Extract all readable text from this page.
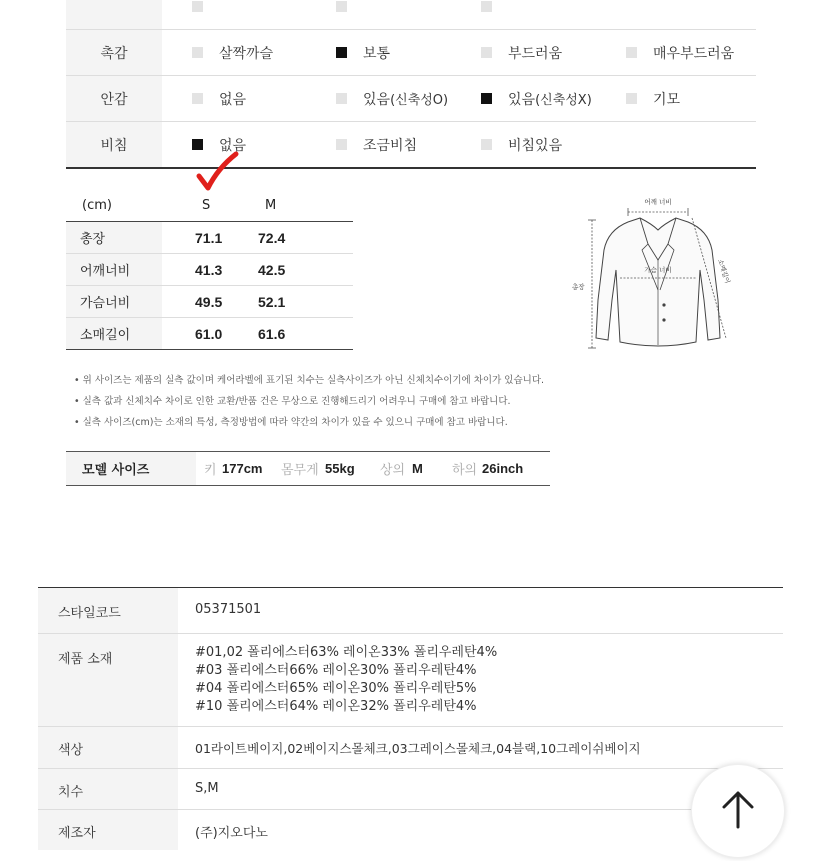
촉감	살짝까슬	보통	부드러움	매우부드러움
안감	없음	있음 (신축성O)	있음 (신축성X)	기모
비침	없음	조금비침	비침있음
(cm)	S	M
총장	71.1	72.4
어깨너비	41.3	42.5
가슴너비	49.5	52.1
소매길이	61.0	61.6
어깨 너비
가슴 너비	소매길이
총장
• 위 사이즈는 제품의 실측 값이며 케어라벨에 표기된 치수는 실측사이즈가 아닌 신체치수이기에 차이가 있습니다.
• 실측 값과 신체치수 차이로 인한 교환/반품 건은 무상으로 진행해드리기 어려우니 구매에 참고 바랍니다.
• 실측 사이즈(cm)는 소재의 특성, 측정방법에 따라 약간의 차이가 있을 수 있으니 구매에 참고 바랍니다.
모델 사이즈	키 177cm 몸무게 55kg 상의 M 하의 26inch
스타일코드	05371501
제품 소재	#01,02 폴리에스터63% 레이온33% 폴리우레탄4%
#03 폴리에스터66% 레이온30% 폴리우레탄4%
#04 폴리에스터65% 레이온30% 폴리우레탄5%
#10 폴리에스터64% 레이온32% 폴리우레탄4%
색상	01라이트베이지,02베이지스몰체크,03그레이스몰체크,04블랙,10그레이쉬베이지
치수	S,M
제조자	(주)지오다노
